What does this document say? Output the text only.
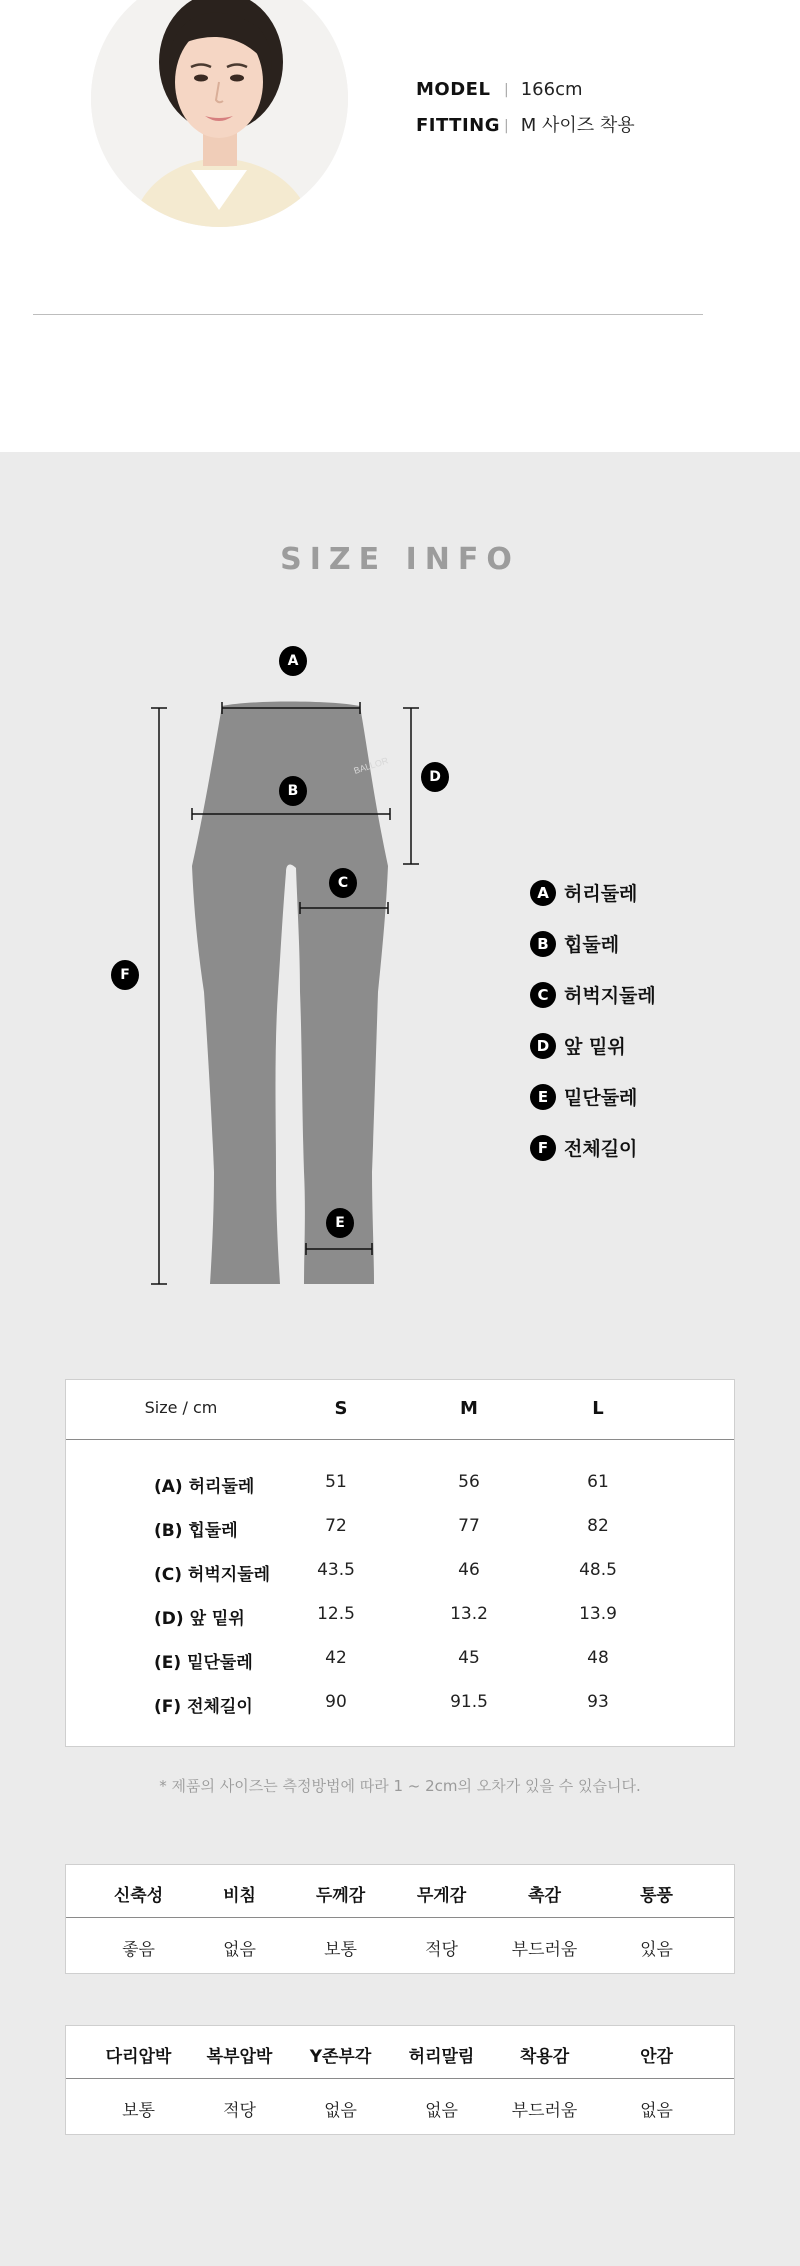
MODEL | 166cm
FITTING | M 사이즈 착용
SIZE INFO
BALLOR
A
B
C
D
E
F
A 허리둘레
B 힙둘레
C 허벅지둘레
D 앞 밑위
E 밑단둘레
F 전체길이
Size / cm	S	M	L
(A) 허리둘레	51	56	61
(B) 힙둘레	72	77	82
(C) 허벅지둘레	43.5	46	48.5
(D) 앞 밑위	12.5	13.2	13.9
(E) 밑단둘레	42	45	48
(F) 전체길이	90	91.5	93
* 제품의 사이즈는 측정방법에 따라 1 ~ 2cm의 오차가 있을 수 있습니다.
신축성	비침	두께감	무게감	촉감	통풍
좋음	없음	보통	적당	부드러움	있음
다리압박	복부압박	Y존부각	허리말림	착용감	안감
보통	적당	없음	없음	부드러움	없음
